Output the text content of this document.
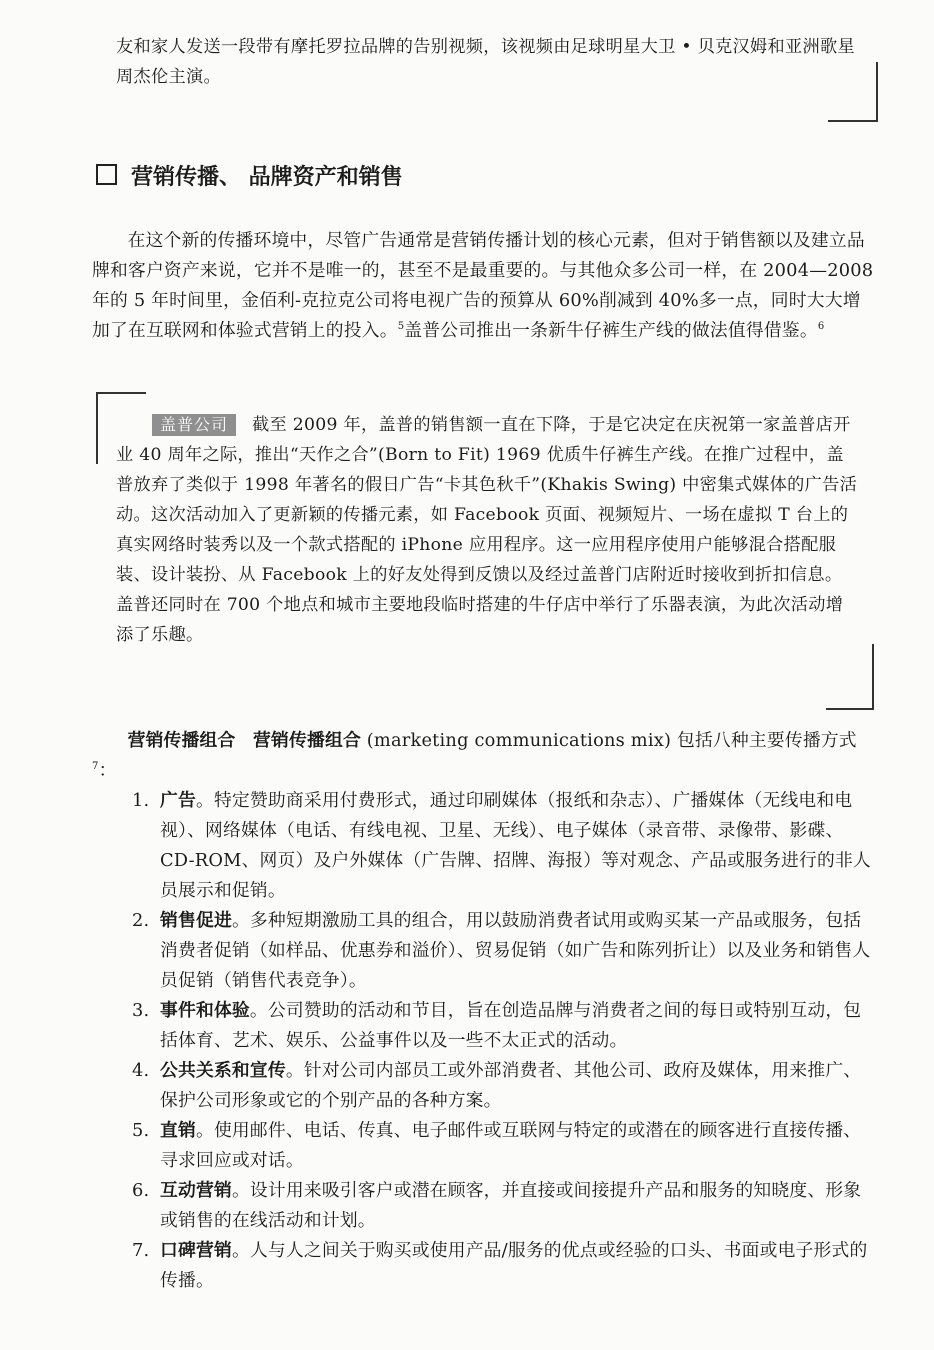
友和家人发送一段带有摩托罗拉品牌的告别视频，该视频由足球明星大卫 • 贝克汉姆和亚洲歌星周杰伦主演。

营销传播、 品牌资产和销售

在这个新的传播环境中，尽管广告通常是营销传播计划的核心元素，但对于销售额以及建立品牌和客户资产来说，它并不是唯一的，甚至不是最重要的。与其他众多公司一样，在 2004—2008 年的 5 年时间里，金佰利-克拉克公司将电视广告的预算从 60%削减到 40%多一点，同时大大增加了在互联网和体验式营销上的投入。$^5$盖普公司推出一条新牛仔裤生产线的做法值得借鉴。$^6$

盖普公司 截至 2009 年，盖普的销售额一直在下降，于是它决定在庆祝第一家盖普店开业 40 周年之际，推出“天作之合”(Born to Fit) 1969 优质牛仔裤生产线。在推广过程中，盖普放弃了类似于 1998 年著名的假日广告“卡其色秋千”(Khakis Swing) 中密集式媒体的广告活动。这次活动加入了更新颖的传播元素，如 Facebook 页面、视频短片、一场在虚拟 T 台上的真实网络时装秀以及一个款式搭配的 iPhone 应用程序。这一应用程序使用户能够混合搭配服装、设计装扮、从 Facebook 上的好友处得到反馈以及经过盖普门店附近时接收到折扣信息。盖普还同时在 700 个地点和城市主要地段临时搭建的牛仔店中举行了乐器表演，为此次活动增添了乐趣。

营销传播组合 营销传播组合 (marketing communications mix) 包括八种主要传播方式$^7$：

1. 广告。特定赞助商采用付费形式，通过印刷媒体（报纸和杂志）、广播媒体（无线电和电视）、网络媒体（电话、有线电视、卫星、无线）、电子媒体（录音带、录像带、影碟、CD-ROM、网页）及户外媒体（广告牌、招牌、海报）等对观念、产品或服务进行的非人员展示和促销。
2. 销售促进。多种短期激励工具的组合，用以鼓励消费者试用或购买某一产品或服务，包括消费者促销（如样品、优惠券和溢价）、贸易促销（如广告和陈列折让）以及业务和销售人员促销（销售代表竞争）。
3. 事件和体验。公司赞助的活动和节目，旨在创造品牌与消费者之间的每日或特别互动，包括体育、艺术、娱乐、公益事件以及一些不太正式的活动。
4. 公共关系和宣传。针对公司内部员工或外部消费者、其他公司、政府及媒体，用来推广、保护公司形象或它的个别产品的各种方案。
5. 直销。使用邮件、电话、传真、电子邮件或互联网与特定的或潜在的顾客进行直接传播、寻求回应或对话。
6. 互动营销。设计用来吸引客户或潜在顾客，并直接或间接提升产品和服务的知晓度、形象或销售的在线活动和计划。
7. 口碑营销。人与人之间关于购买或使用产品/服务的优点或经验的口头、书面或电子形式的传播。
